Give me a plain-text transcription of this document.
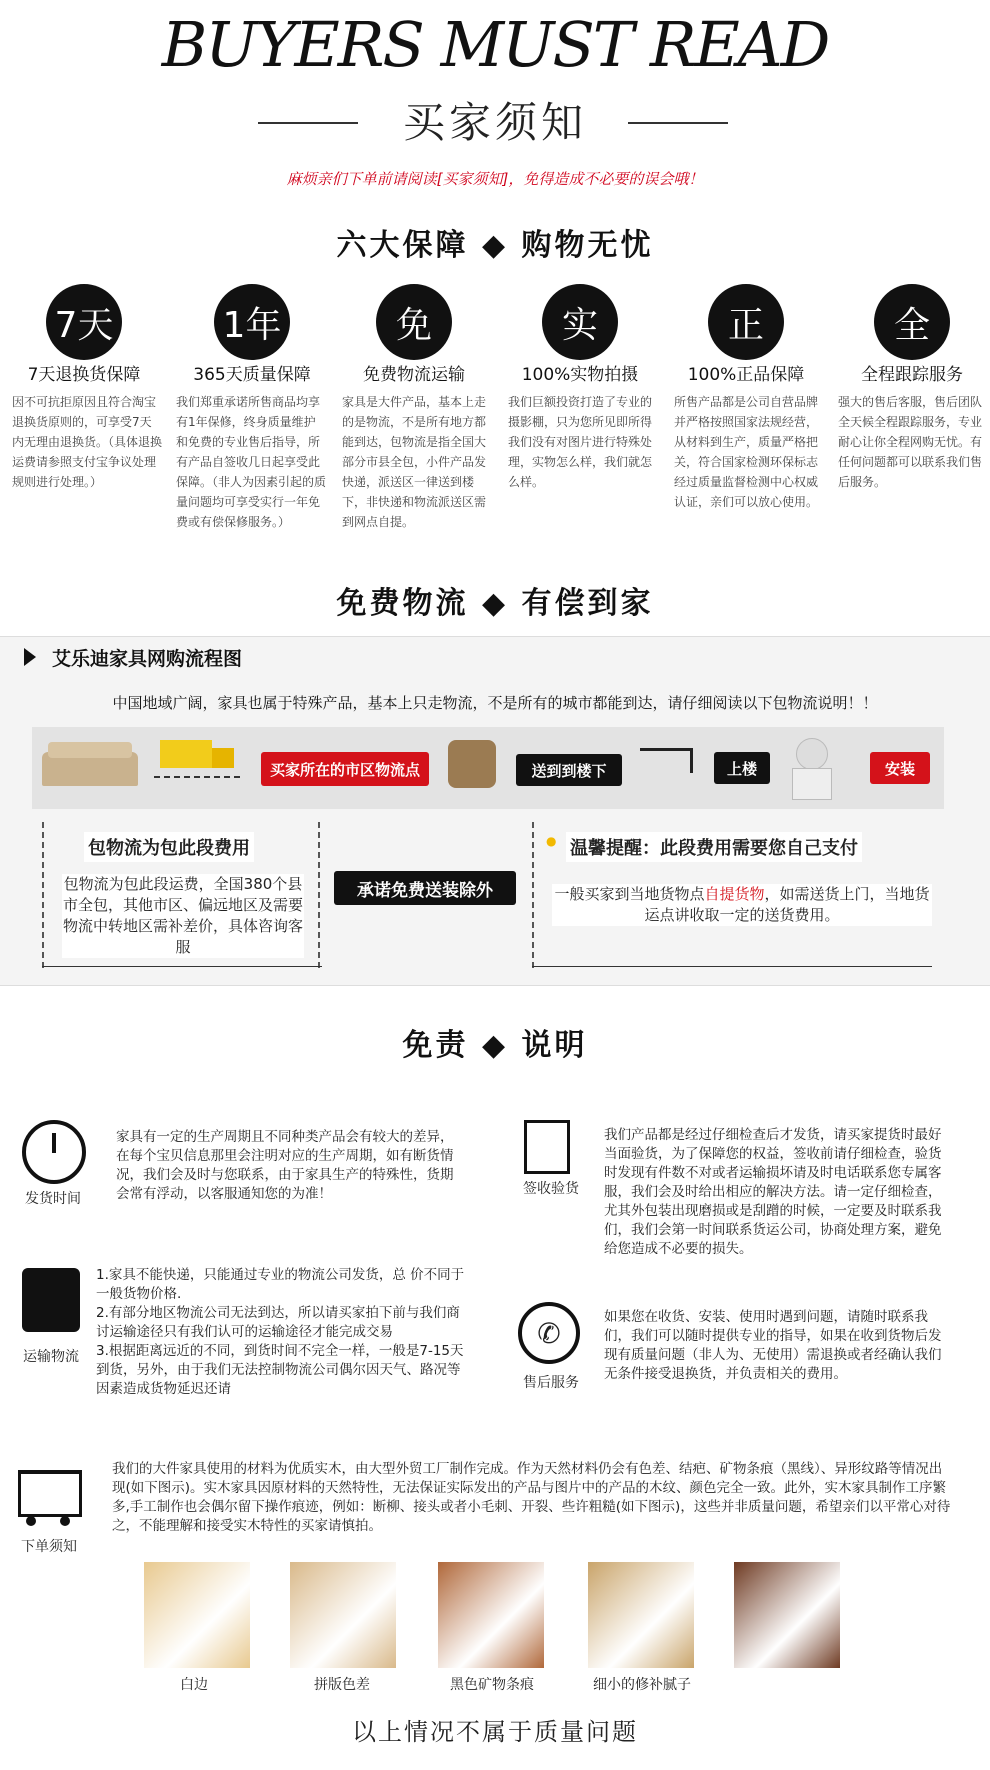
BUYERS MUST READ
买家须知
麻烦亲们下单前请阅读[买家须知]，免得造成不必要的误会哦！
六大保障 ◆ 购物无忧
7天	1年	免	实	正	全
7天退换货保障	365天质量保障	免费物流运输	100%实物拍摄	100%正品保障	全程跟踪服务
因不可抗拒原因且符合淘宝退换货原则的，可享受7天内无理由退换货。（具体退换运费请参照支付宝争议处理规则进行处理。）
我们郑重承诺所售商品均享有1年保修，终身质量维护和免费的专业售后指导，所有产品自签收几日起享受此保障。（非人为因素引起的质量问题均可享受实行一年免费或有偿保修服务。）
家具是大件产品，基本上走的是物流，不是所有地方都能到达，包物流是指全国大部分市县全包，小件产品发快递，派送区一律送到楼下，非快递和物流派送区需到网点自提。
我们巨额投资打造了专业的摄影棚，只为您所见即所得我们没有对图片进行特殊处理，实物怎么样，我们就怎么样。
所售产品都是公司自营品牌并严格按照国家法规经营，从材料到生产，质量严格把关，符合国家检测环保标志经过质量监督检测中心权威认证，亲们可以放心使用。
强大的售后客服，售后团队全天候全程跟踪服务，专业耐心让你全程网购无忧。有任何问题都可以联系我们售后服务。
免费物流 ◆ 有偿到家
艾乐迪家具网购流程图
中国地域广阔，家具也属于特殊产品，基本上只走物流，不是所有的城市都能到达，请仔细阅读以下包物流说明！！
买家所在的市区物流点	送到到楼下	上楼	安装
包物流为包此段费用
包物流为包此段运费，全国380个县市全包，其他市区、偏远地区及需要物流中转地区需补差价，具体咨询客服
承诺免费送装除外
● 温馨提醒：此段费用需要您自己支付
一般买家到当地货物点自提货物，如需送货上门，当地货运点讲收取一定的送货费用。
免责 ◆ 说明
发货时间
家具有一定的生产周期且不同种类产品会有较大的差异，在每个宝贝信息那里会注明对应的生产周期，如有断货情况，我们会及时与您联系，由于家具生产的特殊性，货期会常有浮动，以客服通知您的为准！	签收验货
我们产品都是经过仔细检查后才发货，请买家提货时最好当面验货，为了保障您的权益，签收前请仔细检查，验货时发现有件数不对或者运输损坏请及时电话联系您专属客服，我们会及时给出相应的解决方法。请一定仔细检查，尤其外包装出现磨损或是刮蹭的时候，一定要及时联系我们，我们会第一时间联系货运公司，协商处理方案，避免给您造成不必要的损失。
运输物流
1.家具不能快递，只能通过专业的物流公司发货，总 价不同于一般货物价格.
2.有部分地区物流公司无法到达，所以请买家拍下前与我们商讨运输途径只有我们认可的运输途径才能完成交易
3.根据距离远近的不同，到货时间不完全一样，一般是7-15天到货，另外，由于我们无法控制物流公司偶尔因天气、路况等因素造成货物延迟还请
✆
售后服务
如果您在收货、安装、使用时遇到问题，请随时联系我们，我们可以随时提供专业的指导，如果在收到货物后发现有质量问题（非人为、无使用）需退换或者经确认我们无条件接受退换货，并负责相关的费用。
下单须知
我们的大件家具使用的材料为优质实木，由大型外贸工厂制作完成。作为天然材料仍会有色差、结疤、矿物条痕（黑线）、异形纹路等情况出现(如下图示)。实木家具因原材料的天然特性，无法保证实际发出的产品与图片中的产品的木纹、颜色完全一致。此外，实木家具制作工序繁多,手工制作也会偶尔留下操作痕迹，例如：断柳、接头或者小毛刺、开裂、些许粗糙(如下图示)，这些并非质量问题，希望亲们以平常心对待之，不能理解和接受实木特性的买家请慎拍。
白边	拼版色差	黑色矿物条痕	细小的修补腻子
以上情况不属于质量问题
